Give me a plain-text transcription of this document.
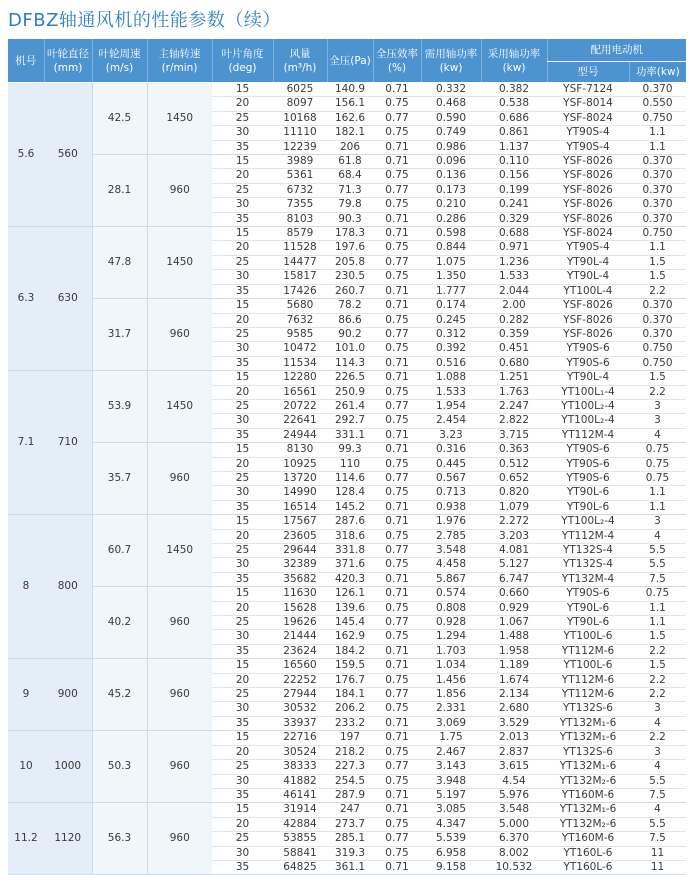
DFBZ轴通风机的性能参数（续）
机号	叶轮直径(mm)	叶轮周速(m/s)	主轴转速(r/min)	叶片角度(deg)	风量(m³/h)	全压(Pa)	全压效率(%)	需用轴功率(kw)	采用轴功率(kw)	配用电动机	
										型号	功率(kw)
5.6	560	42.5	1450	15	6025	140.9	0.71	0.332	0.382	YSF-7124	0.370
				20	8097	156.1	0.75	0.468	0.538	YSF-8014	0.550
				25	10168	162.6	0.77	0.590	0.686	YSF-8024	0.750
				30	11110	182.1	0.75	0.749	0.861	YT90S-4	1.1
				35	12239	206	0.71	0.986	1.137	YT90S-4	1.1
		28.1	960	15	3989	61.8	0.71	0.096	0.110	YSF-8026	0.370
				20	5361	68.4	0.75	0.136	0.156	YSF-8026	0.370
				25	6732	71.3	0.77	0.173	0.199	YSF-8026	0.370
				30	7355	79.8	0.75	0.210	0.241	YSF-8026	0.370
				35	8103	90.3	0.71	0.286	0.329	YSF-8026	0.370
6.3	630	47.8	1450	15	8579	178.3	0.71	0.598	0.688	YSF-8024	0.750
				20	11528	197.6	0.75	0.844	0.971	YT90S-4	1.1
				25	14477	205.8	0.77	1.075	1.236	YT90L-4	1.5
				30	15817	230.5	0.75	1.350	1.533	YT90L-4	1.5
				35	17426	260.7	0.71	1.777	2.044	YT100L-4	2.2
		31.7	960	15	5680	78.2	0.71	0.174	2.00	YSF-8026	0.370
				20	7632	86.6	0.75	0.245	0.282	YSF-8026	0.370
				25	9585	90.2	0.77	0.312	0.359	YSF-8026	0.370
				30	10472	101.0	0.75	0.392	0.451	YT90S-6	0.750
				35	11534	114.3	0.71	0.516	0.680	YT90S-6	0.750
7.1	710	53.9	1450	15	12280	226.5	0.71	1.088	1.251	YT90L-4	1.5
				20	16561	250.9	0.75	1.533	1.763	YT100L₁-4	2.2
				25	20722	261.4	0.77	1.954	2.247	YT100L₂-4	3
				30	22641	292.7	0.75	2.454	2.822	YT100L₂-4	3
				35	24944	331.1	0.71	3.23	3.715	YT112M-4	4
		35.7	960	15	8130	99.3	0.71	0.316	0.363	YT90S-6	0.75
				20	10925	110	0.75	0.445	0.512	YT90S-6	0.75
				25	13720	114.6	0.77	0.567	0.652	YT90S-6	0.75
				30	14990	128.4	0.75	0.713	0.820	YT90L-6	1.1
				35	16514	145.2	0.71	0.938	1.079	YT90L-6	1.1
8	800	60.7	1450	15	17567	287.6	0.71	1.976	2.272	YT100L₂-4	3
				20	23605	318.6	0.75	2.785	3.203	YT112M-4	4
				25	29644	331.8	0.77	3.548	4.081	YT132S-4	5.5
				30	32389	371.6	0.75	4.458	5.127	YT132S-4	5.5
				35	35682	420.3	0.71	5.867	6.747	YT132M-4	7.5
		40.2	960	15	11630	126.1	0.71	0.574	0.660	YT90S-6	0.75
				20	15628	139.6	0.75	0.808	0.929	YT90L-6	1.1
				25	19626	145.4	0.77	0.928	1.067	YT90L-6	1.1
				30	21444	162.9	0.75	1.294	1.488	YT100L-6	1.5
				35	23624	184.2	0.71	1.703	1.958	YT112M-6	2.2
9	900	45.2	960	15	16560	159.5	0.71	1.034	1.189	YT100L-6	1.5
				20	22252	176.7	0.75	1.456	1.674	YT112M-6	2.2
				25	27944	184.1	0.77	1.856	2.134	YT112M-6	2.2
				30	30532	206.2	0.75	2.331	2.680	YT132S-6	3
				35	33937	233.2	0.71	3.069	3.529	YT132M₁-6	4
10	1000	50.3	960	15	22716	197	0.71	1.75	2.013	YT132M₁-6	2.2
				20	30524	218.2	0.75	2.467	2.837	YT132S-6	3
				25	38333	227.3	0.77	3.143	3.615	YT132M₁-6	4
				30	41882	254.5	0.75	3.948	4.54	YT132M₂-6	5.5
				35	46141	287.9	0.71	5.197	5.976	YT160M-6	7.5
11.2	1120	56.3	960	15	31914	247	0.71	3.085	3.548	YT132M₁-6	4
				20	42884	273.7	0.75	4.347	5.000	YT132M₂-6	5.5
				25	53855	285.1	0.77	5.539	6.370	YT160M-6	7.5
				30	58841	319.3	0.75	6.958	8.002	YT160L-6	11
				35	64825	361.1	0.71	9.158	10.532	YT160L-6	11
